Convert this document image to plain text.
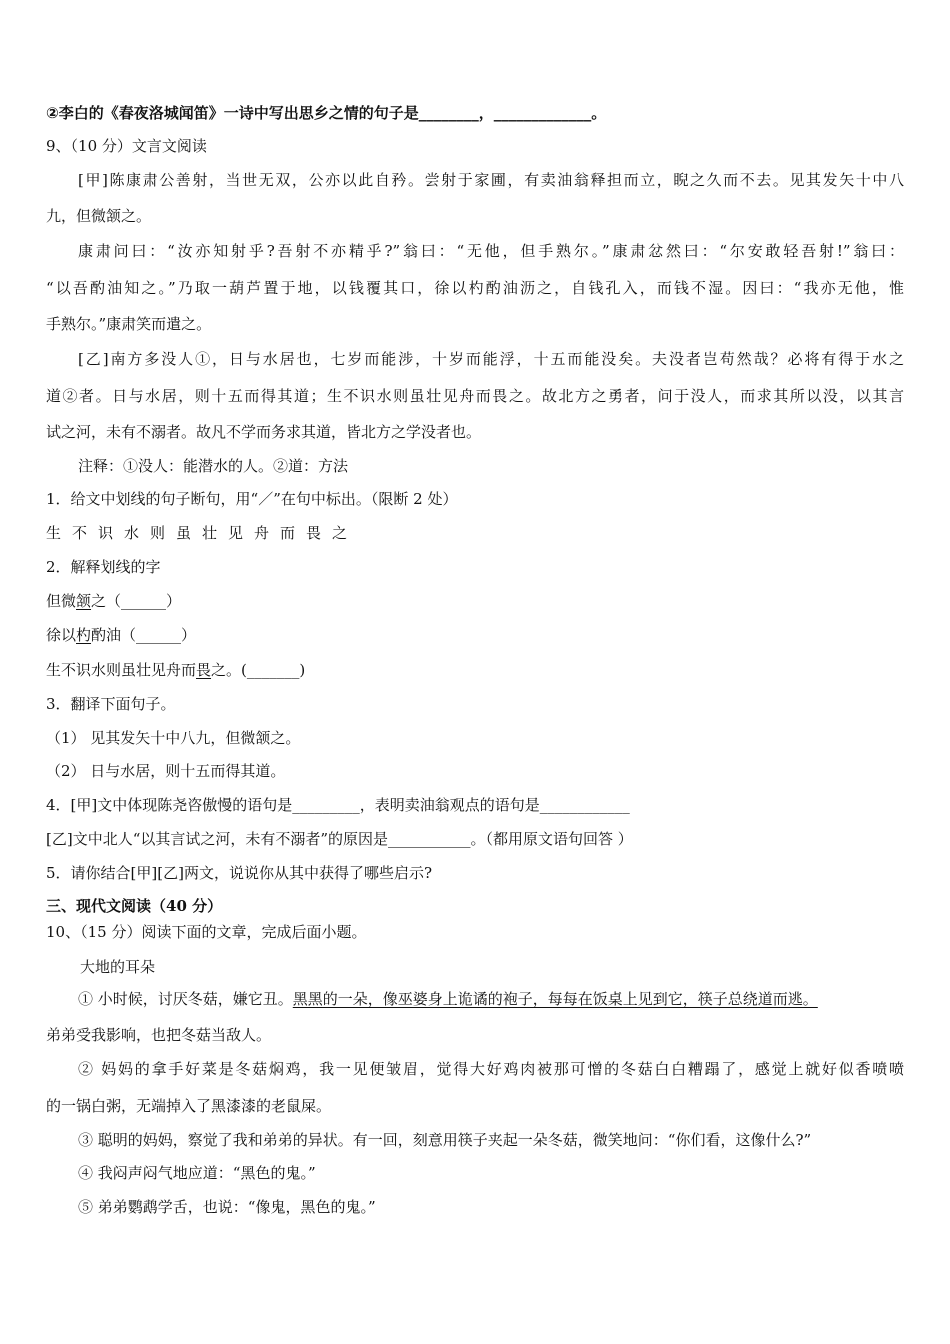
②李白的《春夜洛城闻笛》一诗中写出思乡之情的句子是________，_____________。
9、（10 分）文言文阅读
[甲]陈康肃公善射，当世无双，公亦以此自矜。尝射于家圃，有卖油翁释担而立，睨之久而不去。见其发矢十中八
九，但微颔之。
康肃问曰：“汝亦知射乎?吾射不亦精乎?”翁曰：“无他，但手熟尔。”康肃忿然曰：“尔安敢轻吾射!”翁曰：
“以吾酌油知之。”乃取一葫芦置于地，以钱覆其口，徐以杓酌油沥之，自钱孔入，而钱不湿。因曰：“我亦无他，惟
手熟尔。”康肃笑而遣之。
[乙]南方多没人①，日与水居也，七岁而能涉，十岁而能浮，十五而能没矣。夫没者岂苟然哉？必将有得于水之
道②者。日与水居，则十五而得其道；生不识水则虽壮见舟而畏之。故北方之勇者，问于没人，而求其所以没，以其言
试之河，未有不溺者。故凡不学而务求其道，皆北方之学没者也。
注释：①没人：能潜水的人。②道：方法
1．给文中划线的句子断句，用“／”在句中标出。（限断 2 处）
生不识水则虽壮见舟而畏之
2．解释划线的字
但微颔之（______）
徐以杓酌油（______）
生不识水则虽壮见舟而畏之。(_______)
3．翻译下面句子。
（1） 见其发矢十中八九，但微颔之。
（2） 日与水居，则十五而得其道。
4．[甲]文中体现陈尧咨傲慢的语句是_________，表明卖油翁观点的语句是____________
[乙]文中北人“以其言试之河，未有不溺者”的原因是___________。（都用原文语句回答 ）
5．请你结合[甲][乙]两文，说说你从其中获得了哪些启示?
三、现代文阅读（40 分）
10、（15 分）阅读下面的文章，完成后面小题。
大地的耳朵
① 小时候，讨厌冬菇，嫌它丑。黑黑的一朵，像巫婆身上诡谲的袍子，每每在饭桌上见到它，筷子总绕道而逃。
弟弟受我影响，也把冬菇当敌人。
② 妈妈的拿手好菜是冬菇焖鸡，我一见便皱眉，觉得大好鸡肉被那可憎的冬菇白白糟蹋了，感觉上就好似香喷喷
的一锅白粥，无端掉入了黑漆漆的老鼠屎。
③ 聪明的妈妈，察觉了我和弟弟的异状。有一回，刻意用筷子夹起一朵冬菇，微笑地问：“你们看，这像什么?”
④ 我闷声闷气地应道：“黑色的鬼。”
⑤ 弟弟鹦鹉学舌，也说：“像鬼，黑色的鬼。”
